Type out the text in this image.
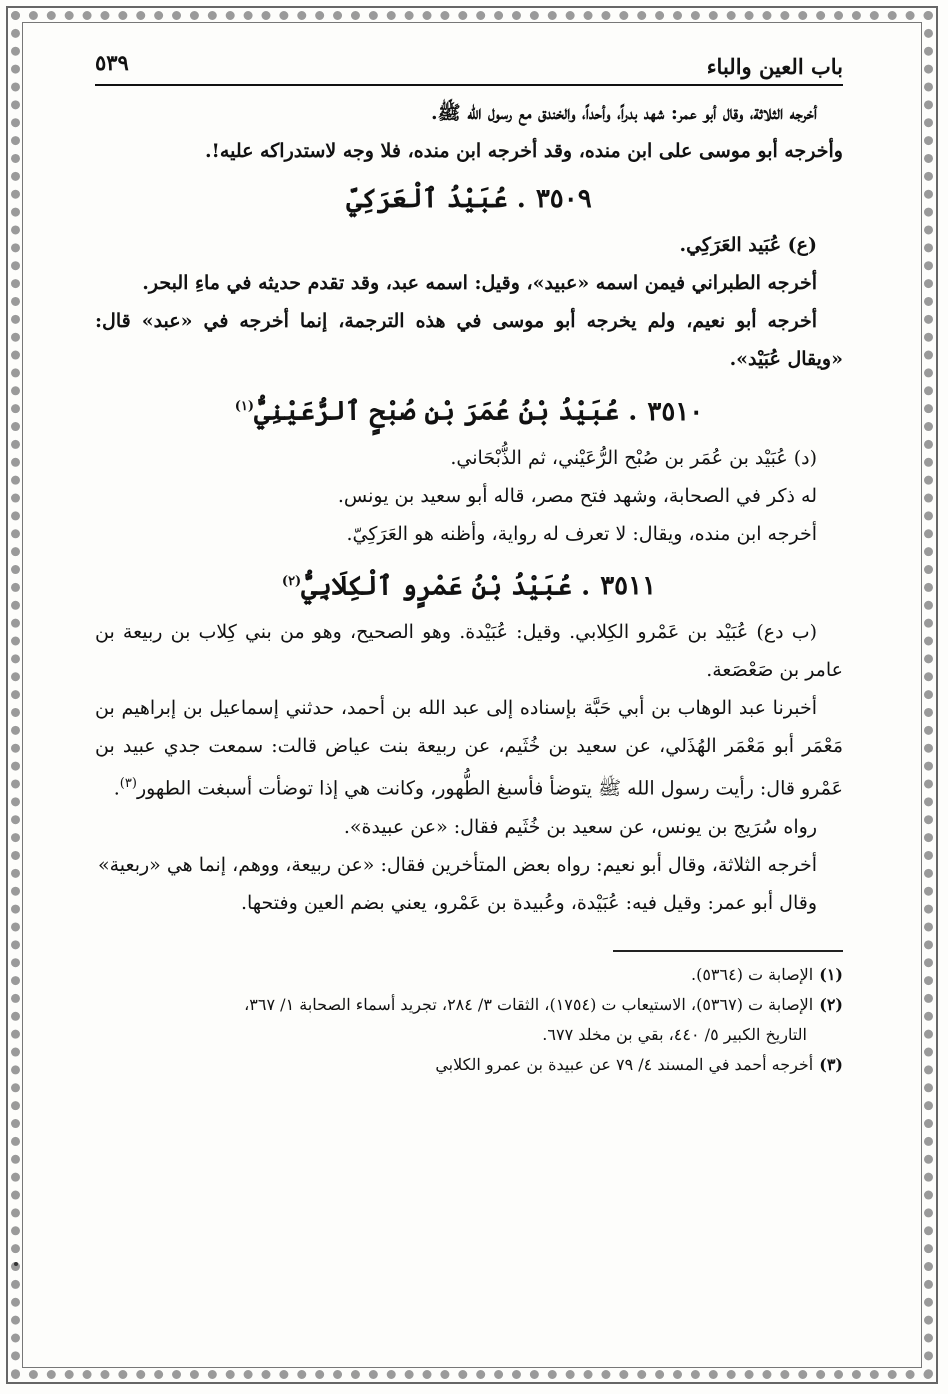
باب العين والباء
٥٣٩

أخرجه الثلاثة، وقال أبو عمر: شهد بدراً، وأحداً، والخندق مع رسول الله ﷺ.

وأخرجه أبو موسى على ابن منده، وقد أخرجه ابن منده، فلا وجه لاستدراكه عليه!.

٣٥٠٩. عُبَيْدُ ٱلْعَرَكِيّ

(ع) عُبَيد العَرَكِي.

أخرجه الطبراني فيمن اسمه «عبيد»، وقيل: اسمه عبد، وقد تقدم حديثه في ماءِ البحر.

أخرجه أبو نعيم، ولم يخرجه أبو موسى في هذه الترجمة، إنما أخرجه في «عبد» قال: «ويقال عُبَيْد».

٣٥١٠. عُبَيْدُ بْنُ عُمَرَ بْنِ صُبْحٍ ٱلرُّعَيْنِيُّ$^{(١)}$

(د) عُبَيْد بن عُمَر بن صُبْح الرُّعَيْني، ثم الذُّبْحَاني.

له ذكر في الصحابة، وشهد فتح مصر، قاله أبو سعيد بن يونس.

أخرجه ابن منده، ويقال: لا تعرف له رواية، وأظنه هو العَرَكِيّ.

٣٥١١. عُبَيْدُ بْنُ عَمْرٍو ٱلْكِلَابِيُّ$^{(٢)}$

(ب دع) عُبَيْد بن عَمْرو الكِلابي. وقيل: عُبَيْدة. وهو الصحيح، وهو من بني كِلاب بن ربيعة بن عامر بن صَعْصَعة.

أخبرنا عبد الوهاب بن أبي حَبَّة بإسناده إلى عبد الله بن أحمد، حدثني إسماعيل بن إبراهيم بن مَعْمَر أبو مَعْمَر الهُذَلي، عن سعيد بن خُثَيم، عن ربيعة بنت عياض قالت: سمعت جدي عبيد بن عَمْرو قال: رأيت رسول الله ﷺ يتوضأ فأسبغ الطُّهور، وكانت هي إذا توضأت أسبغت الطهور$^{(٣)}$.

رواه سُرَيج بن يونس، عن سعيد بن خُثَيم فقال: «عن عبيدة».

أخرجه الثلاثة، وقال أبو نعيم: رواه بعض المتأخرين فقال: «عن ربيعة، ووهم، إنما هي «ربعية»

وقال أبو عمر: وقيل فيه: عُبَيْدة، وعُبيدة بن عَمْرو، يعني بضم العين وفتحها.

(١)الإصابة ت (٥٣٦٤).

(٢)الإصابة ت (٥٣٦٧)، الاستيعاب ت (١٧٥٤)، الثقات ٣/ ٢٨٤، تجريد أسماء الصحابة ١/ ٣٦٧،

التاريخ الكبير ٥/ ٤٤٠، بقي بن مخلد ٦٧٧.

(٣)أخرجه أحمد في المسند ٤/ ٧٩ عن عبيدة بن عمرو الكلابي
